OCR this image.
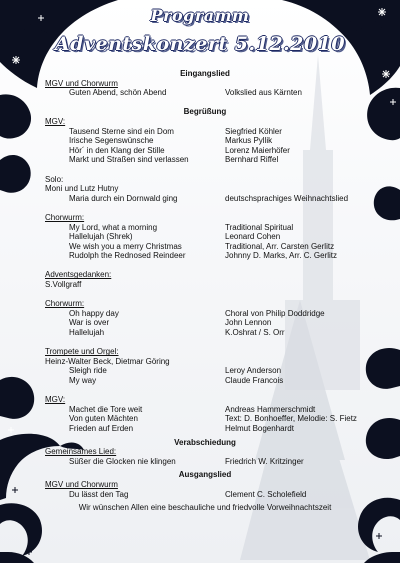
Programm
Adventskonzert 5.12.2010
Eingangslied
MGV und Chorwurm
Guten Abend, schön Abend	Volkslied aus Kärnten
Begrüßung
MGV:
Tausend Sterne sind ein Dom	Siegfried Köhler
Irische Segenswünsche	Markus Pyllik
Hör´ in den Klang der Stille	Lorenz Maierhöfer
Markt und Straßen sind verlassen	Bernhard Riffel
Solo:
Moni und Lutz Hutny
Maria durch ein Dornwald ging	deutschsprachiges Weihnachtslied
Chorwurm:
My Lord, what a morning	Traditional Spiritual
Hallelujah (Shrek)	Leonard Cohen
We wish you a merry Christmas	Traditional, Arr. Carsten Gerlitz
Rudolph the Rednosed Reindeer	Johnny D. Marks, Arr. C. Gerlitz
Adventsgedanken:
S.Vollgraff
Chorwurm:
Oh happy day	Choral von Philip Doddridge
War is over	John Lennon
Hallelujah	K.Oshrat / S. Orr
Trompete und Orgel:
Heinz-Walter Beck, Dietmar Göring
Sleigh ride	Leroy Anderson
My way	Claude Francois
MGV:
Machet die Tore weit	Andreas Hammerschmidt
Von guten Mächten	Text: D. Bonhoeffer, Melodie: S. Fietz
Frieden auf Erden	Helmut Bogenhardt
Verabschiedung
Gemeinsames Lied:
Süßer die Glocken nie klingen	Friedrich W. Kritzinger
Ausgangslied
MGV und Chorwurm
Du lässt den Tag	Clement C. Scholefield
Wir wünschen Allen eine beschauliche und friedvolle Vorweihnachtszeit
